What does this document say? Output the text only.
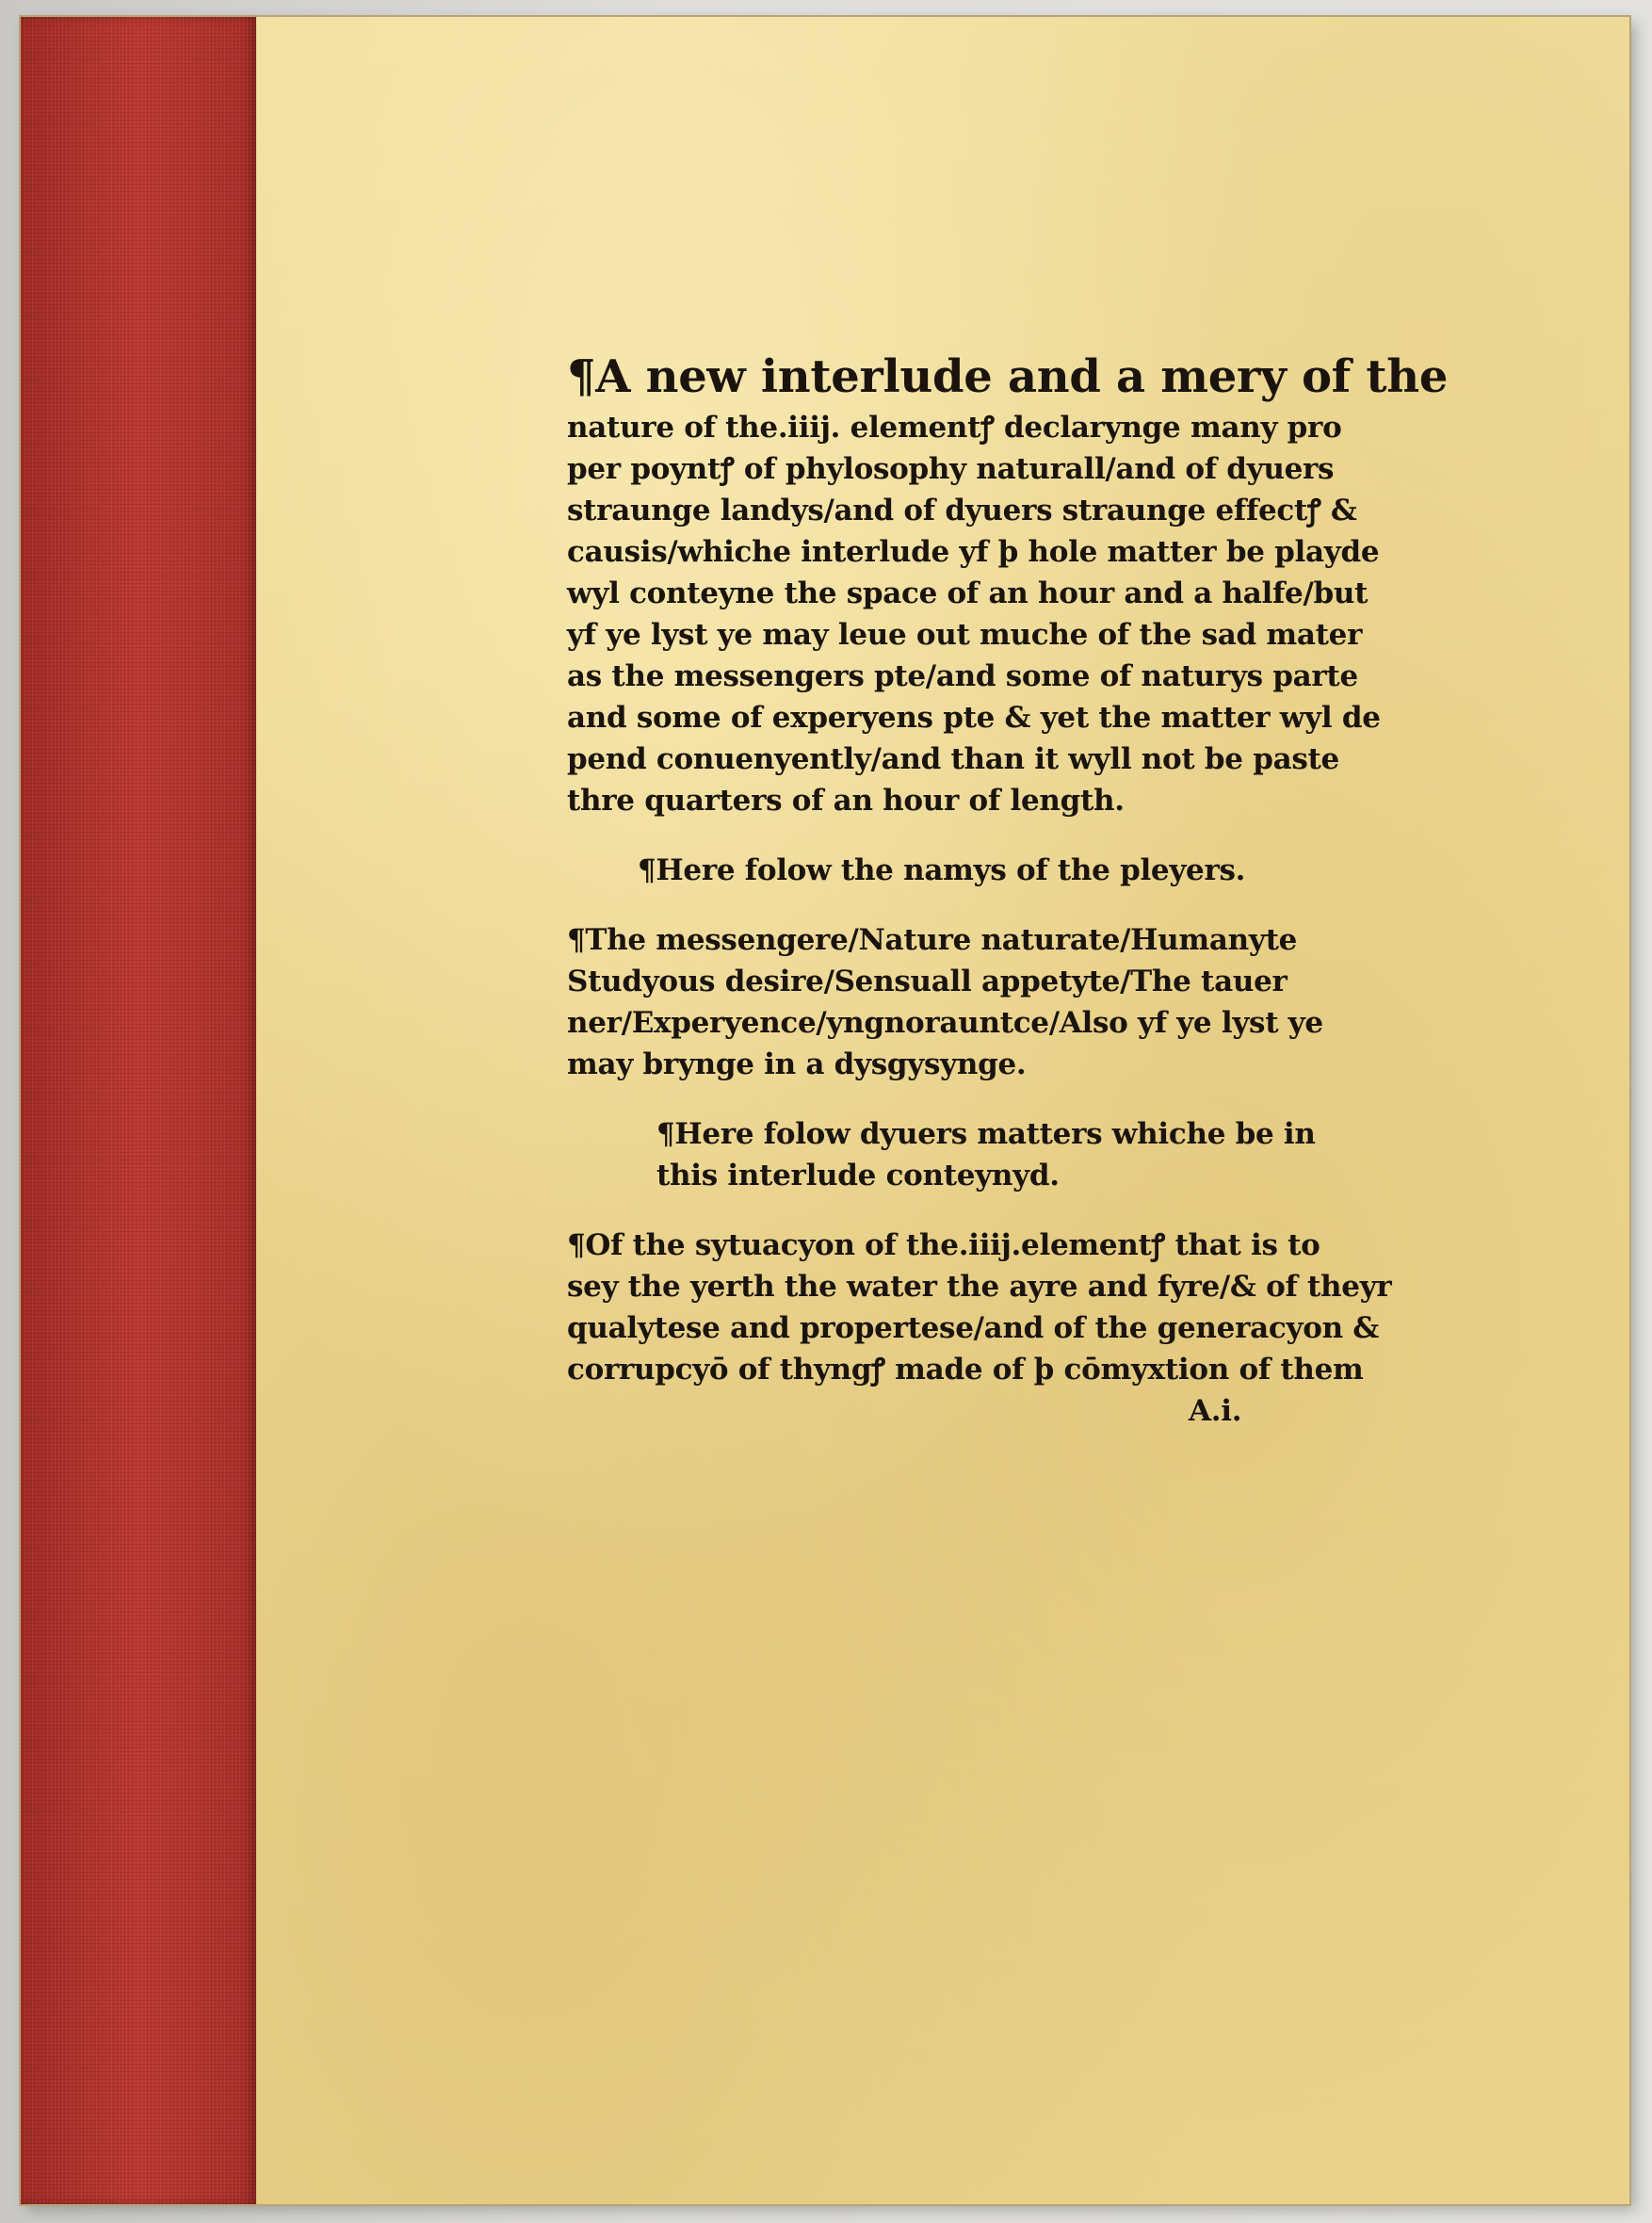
¶A new interlude and a mery of the
nature of the.iiij. elementꝭ declarynge many pro
per poyntꝭ of phylosophy naturall/and of dyuers
straunge landys/and of dyuers straunge effectꝭ &
causis/whiche interlude yf þ hole matter be playde
wyl conteyne the space of an hour and a halfe/but
yf ye lyst ye may leue out muche of the sad mater
as the messengers pte/and some of naturys parte
and some of experyens pte & yet the matter wyl de
pend conuenyently/and than it wyll not be paste
thre quarters of an hour of length.
¶Here folow the namys of the pleyers.
¶The messengere/Nature naturate/Humanyte
Studyous desire/Sensuall appetyte/The tauer
ner/Experyence/yngnorauntce/Also yf ye lyst ye
may brynge in a dysgysynge.
¶Here folow dyuers matters whiche be in
this interlude conteynyd.
¶Of the sytuacyon of the.iiij.elementꝭ that is to
sey the yerth the water the ayre and fyre/& of theyr
qualytese and propertese/and of the generacyon &
corrupcyō of thyngꝭ made of þ cōmyxtion of them
A.i.
